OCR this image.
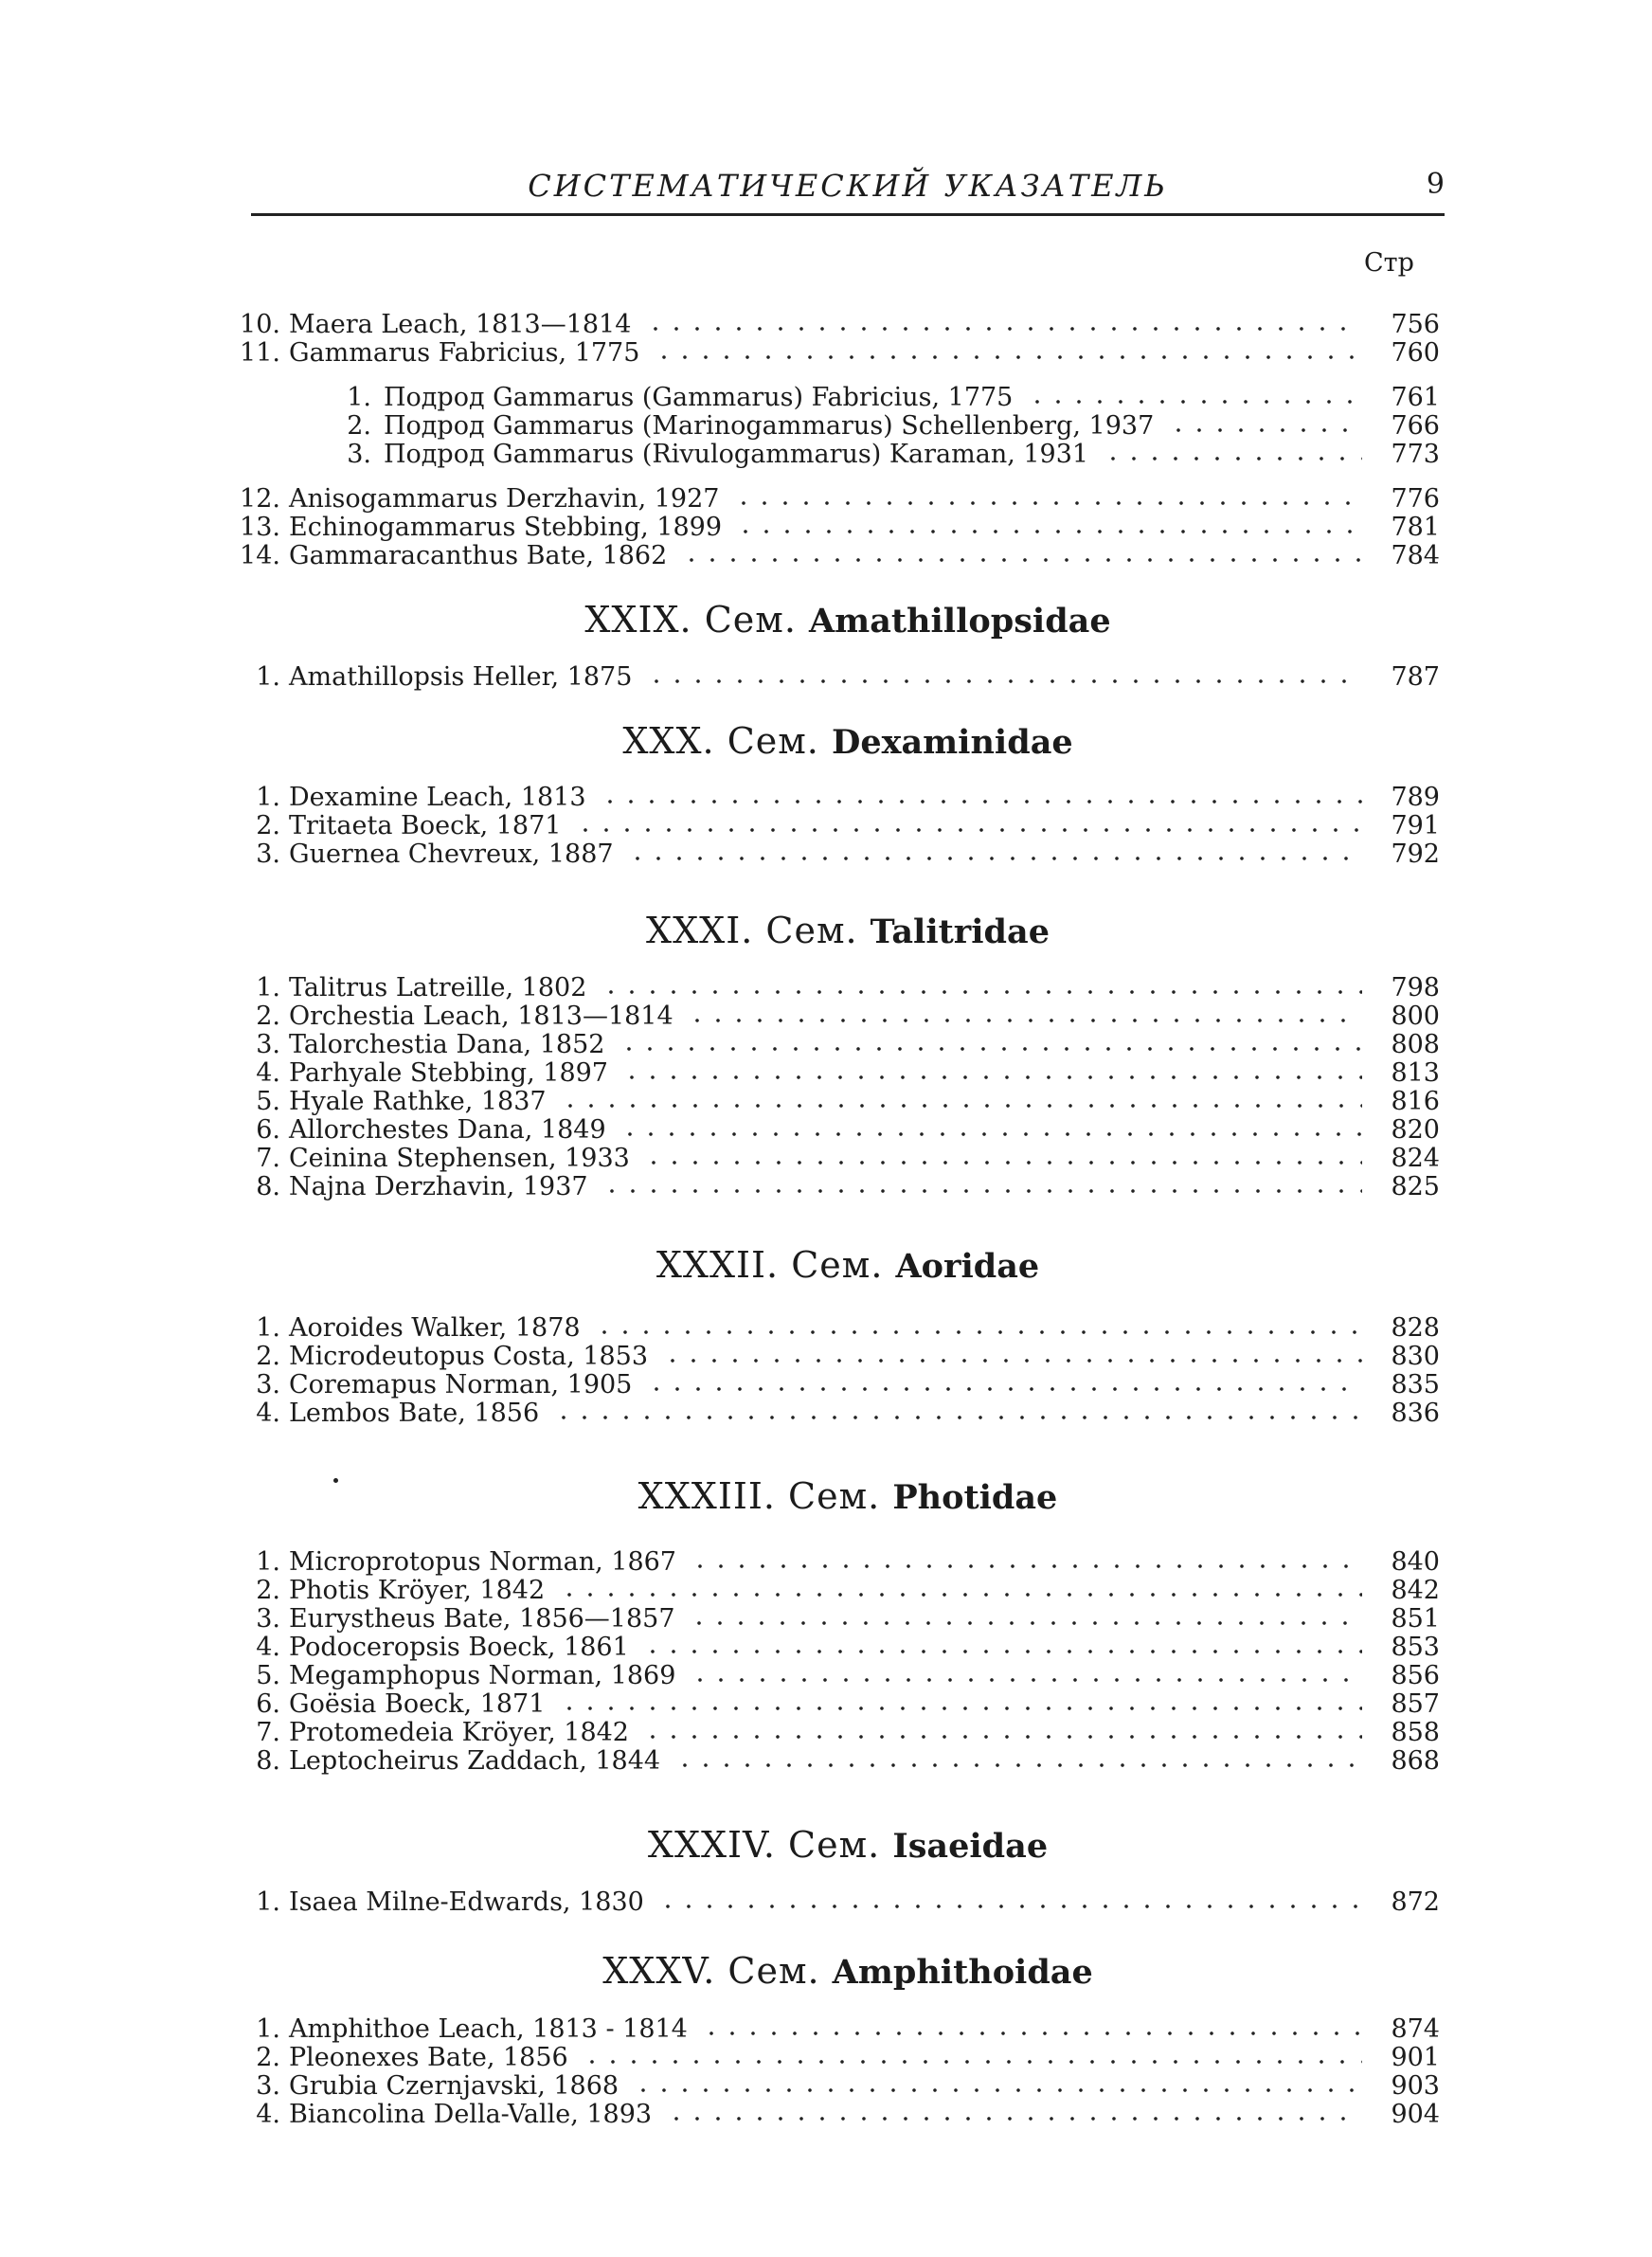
СИСТЕМАТИЧЕСКИЙ УКАЗАТЕЛЬ	9
Стр
10. Maera Leach, 1813—1814	756
11. Gammarus Fabricius, 1775	760
1. Подрод Gammarus (Gammarus) Fabricius, 1775	761
2. Подрод Gammarus (Marinogammarus) Schellenberg, 1937	766
3. Подрод Gammarus (Rivulogammarus) Karaman, 1931	773
12. Anisogammarus Derzhavin, 1927	776
13. Echinogammarus Stebbing, 1899	781
14. Gammaracanthus Bate, 1862	784
XXIX. Сем. Amathillopsidae
1. Amathillopsis Heller, 1875	787
XXX. Сем. Dexaminidae
1. Dexamine Leach, 1813	789
2. Tritaeta Boeck, 1871	791
3. Guernea Chevreux, 1887	792
XXXI. Сем. Talitridae
1. Talitrus Latreille, 1802	798
2. Orchestia Leach, 1813—1814	800
3. Talorchestia Dana, 1852	808
4. Parhyale Stebbing, 1897	813
5. Hyale Rathke, 1837	816
6. Allorchestes Dana, 1849	820
7. Ceinina Stephensen, 1933	824
8. Najna Derzhavin, 1937	825
XXXII. Сем. Aoridae
1. Aoroides Walker, 1878	828
2. Microdeutopus Costa, 1853	830
3. Coremapus Norman, 1905	835
4. Lembos Bate, 1856	836
XXXIII. Сем. Photidae
1. Microprotopus Norman, 1867	840
2. Photis Kröyer, 1842	842
3. Eurystheus Bate, 1856—1857	851
4. Podoceropsis Boeck, 1861	853
5. Megamphopus Norman, 1869	856
6. Goësia Boeck, 1871	857
7. Protomedeia Kröyer, 1842	858
8. Leptocheirus Zaddach, 1844	868
XXXIV. Сем. Isaeidae
1. Isaea Milne-Edwards, 1830	872
XXXV. Сем. Amphithoidae
1. Amphithoe Leach, 1813 - 1814	874
2. Pleonexes Bate, 1856	901
3. Grubia Czernjavski, 1868	903
4. Biancolina Della-Valle, 1893	904
